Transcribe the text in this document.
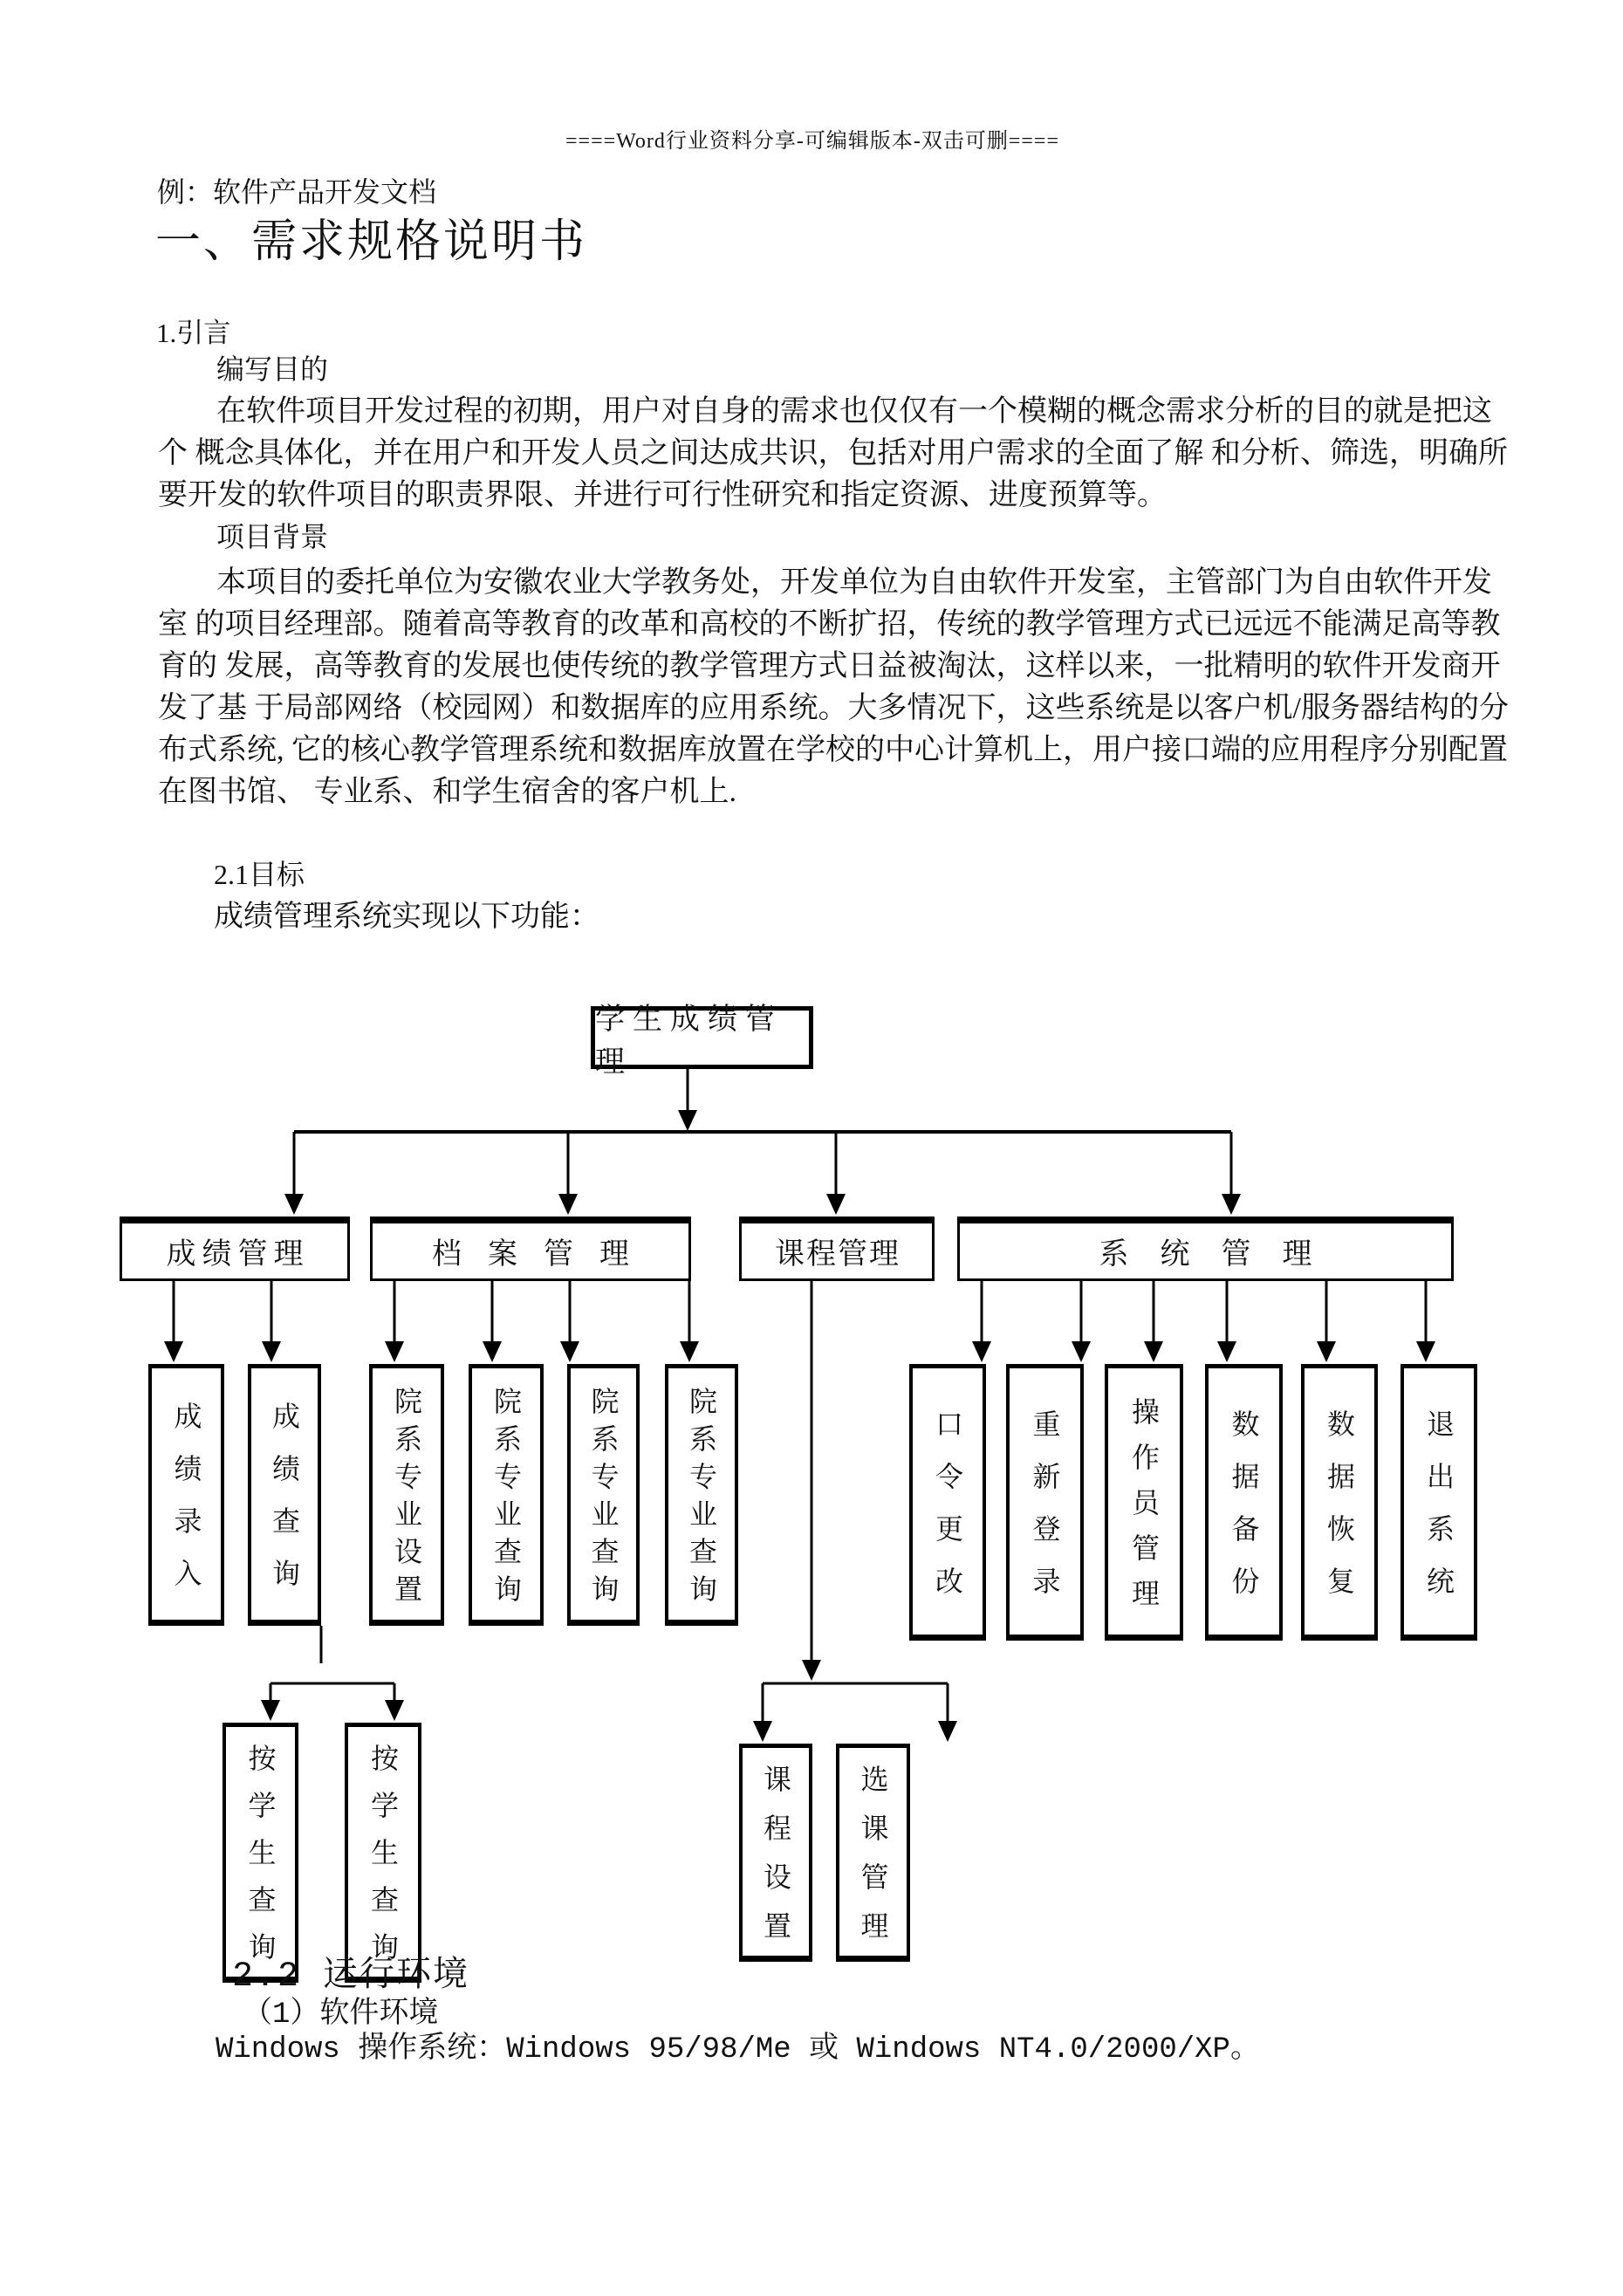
====Word行业资料分享-可编辑版本-双击可删====
例：软件产品开发文档
一、需求规格说明书
1.引言
编写目的
在软件项目开发过程的初期，用户对自身的需求也仅仅有一个模糊的概念需求分析的目的就是把这
个 概念具体化，并在用户和开发人员之间达成共识，包括对用户需求的全面了解 和分析、筛选，明确所
要开发的软件项目的职责界限、并进行可行性研究和指定资源、进度预算等。
项目背景
本项目的委托单位为安徽农业大学教务处，开发单位为自由软件开发室，主管部门为自由软件开发
室 的项目经理部。随着高等教育的改革和高校的不断扩招，传统的教学管理方式已远远不能满足高等教
育的 发展，高等教育的发展也使传统的教学管理方式日益被淘汰，这样以来，一批精明的软件开发商开
发了基 于局部网络（校园网）和数据库的应用系统。大多情况下，这些系统是以客户机/服务器结构的分
布式系统, 它的核心教学管理系统和数据库放置在学校的中心计算机上，用户接口端的应用程序分别配置
在图书馆、 专业系、和学生宿舍的客户机上.
2.1目标
成绩管理系统实现以下功能：
学生成绩管理
成绩管理	档案管理	课程管理	系统管理
成绩录入 成绩查询	院系专业设置 院系专业查询 院系专业查询 院系专业查询	口令更改 重新登录 操作员管理 数据备份 数据恢复 退出系统
按学生查询	按学生查询	课程设置 选课管理
2.2 运行环境
（1）软件环境
Windows 操作系统：Windows 95/98/Me 或 Windows NT4.0/2000/XP。
